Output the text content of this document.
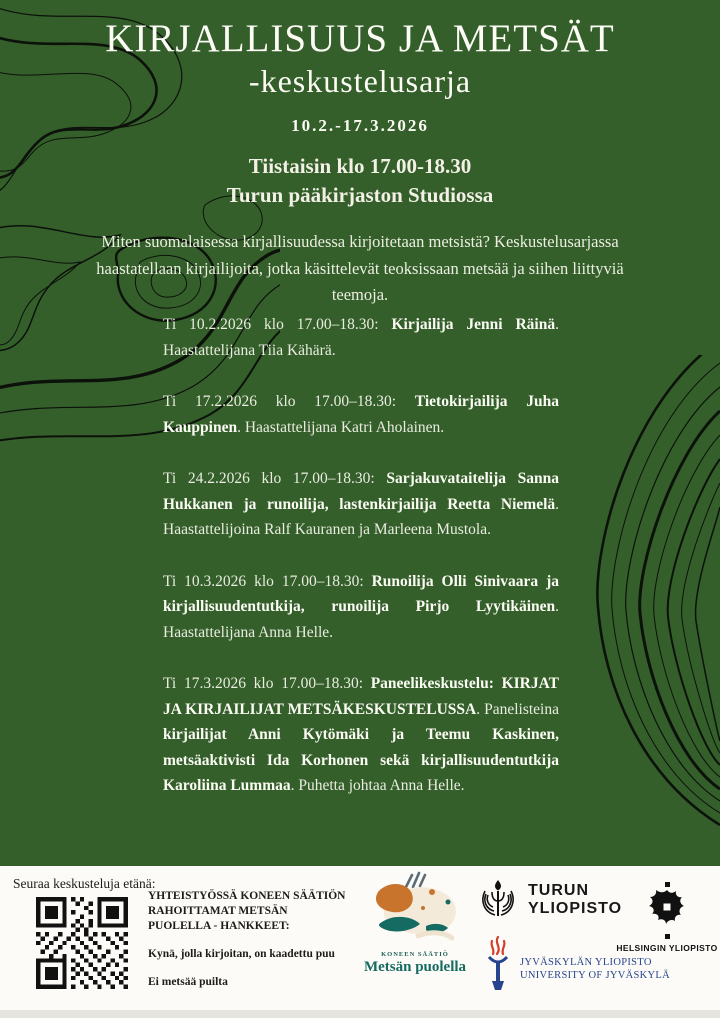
KIRJALLISUUS JA METSÄT
-keskustelusarja
10.2.-17.3.2026
Tiistaisin klo 17.00-18.30
Turun pääkirjaston Studiossa
Miten suomalaisessa kirjallisuudessa kirjoitetaan metsistä? Keskustelusarjassa haastatellaan kirjailijoita, jotka käsittelevät teoksissaan metsää ja siihen liittyviä teemoja.

Ti 10.2.2026 klo 17.00–18.30: Kirjailija Jenni Räinä. Haastattelijana Tiia Kähärä.

Ti 17.2.2026 klo 17.00–18.30: Tietokirjailija Juha Kauppinen. Haastattelijana Katri Aholainen.

Ti 24.2.2026 klo 17.00–18.30: Sarjakuvataitelija Sanna Hukkanen ja runoilija, lastenkirjailija Reetta Niemelä. Haastattelijoina Ralf Kauranen ja Marleena Mustola.

Ti 10.3.2026 klo 17.00–18.30: Runoilija Olli Sinivaara ja kirjallisuudentutkija, runoilija Pirjo Lyytikäinen. Haastattelijana Anna Helle.

Ti 17.3.2026 klo 17.00–18.30: Paneelikeskustelu: KIRJAT JA KIRJAILIJAT METSÄKESKUSTELUSSA. Panelisteina kirjailijat Anni Kytömäki ja Teemu Kaskinen, metsäaktivisti Ida Korhonen sekä kirjallisuudentutkija Karoliina Lummaa. Puhetta johtaa Anna Helle.

Seuraa keskusteluja etänä:

YHTEISTYÖSSÄ KONEEN SÄÄTIÖN RAHOITTAMAT METSÄN PUOLELLA - HANKKEET:

Kynä, jolla kirjoitan, on kaadettu puu

Ei metsää puilta

KONEEN SÄÄTIÖ
Metsän puolella
TURUN
YLIOPISTO
JYVÄSKYLÄN YLIOPISTO
UNIVERSITY OF JYVÄSKYLÄ
HELSINGIN YLIOPISTO
